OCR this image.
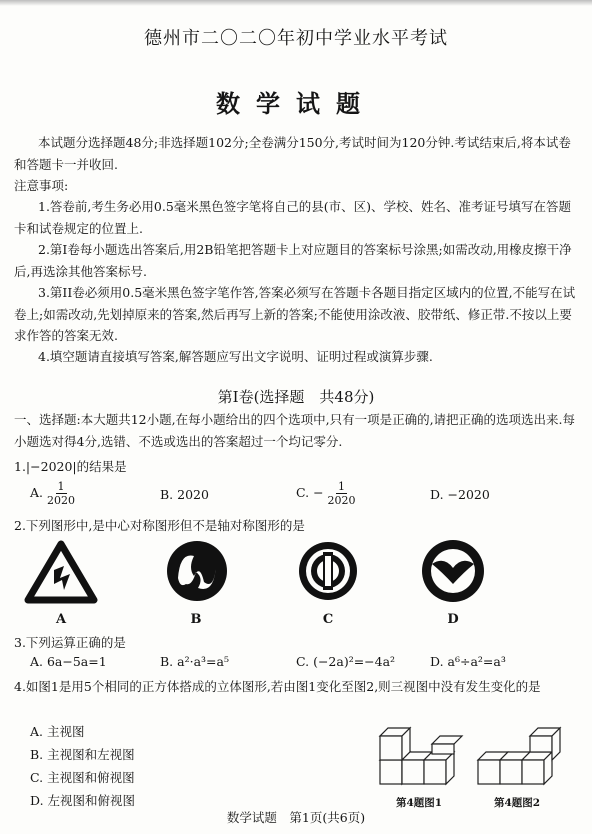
德州市二〇二〇年初中学业水平考试
数学试题
本试题分选择题48分;非选择题102分;全卷满分150分,考试时间为120分钟.考试结束后,将本试卷和答题卡一并收回.
注意事项:
1.答卷前,考生务必用0.5毫米黑色签字笔将自己的县(市、区)、学校、姓名、准考证号填写在答题卡和试卷规定的位置上.
2.第I卷每小题选出答案后,用2B铅笔把答题卡上对应题目的答案标号涂黑;如需改动,用橡皮擦干净后,再选涂其他答案标号.
3.第II卷必须用0.5毫米黑色签字笔作答,答案必须写在答题卡各题目指定区域内的位置,不能写在试卷上;如需改动,先划掉原来的答案,然后再写上新的答案;不能使用涂改液、胶带纸、修正带.不按以上要求作答的答案无效.
4.填空题请直接填写答案,解答题应写出文字说明、证明过程或演算步骤.
第Ⅰ卷(选择题　共48分)
一、选择题:本大题共12小题,在每小题给出的四个选项中,只有一项是正确的,请把正确的选项选出来.每小题选对得4分,选错、不选或选出的答案超过一个均记零分.
1.|−2020|的结果是
A. $\frac{1}{2020}$	B. 2020	C. − $\frac{1}{2020}$	D. −2020
2.下列图形中,是中心对称图形但不是轴对称图形的是
A	B	C	D
3.下列运算正确的是
A. 6a−5a=1	B. a²·a³=a⁵	C. (−2a)²=−4a²	D. a⁶÷a²=a³
4.如图1是用5个相同的正方体搭成的立体图形,若由图1变化至图2,则三视图中没有发生变化的是
A. 主视图
B. 主视图和左视图
C. 主视图和俯视图
D. 左视图和俯视图	第4题图1	第4题图2
数学试题　第1页(共6页)
